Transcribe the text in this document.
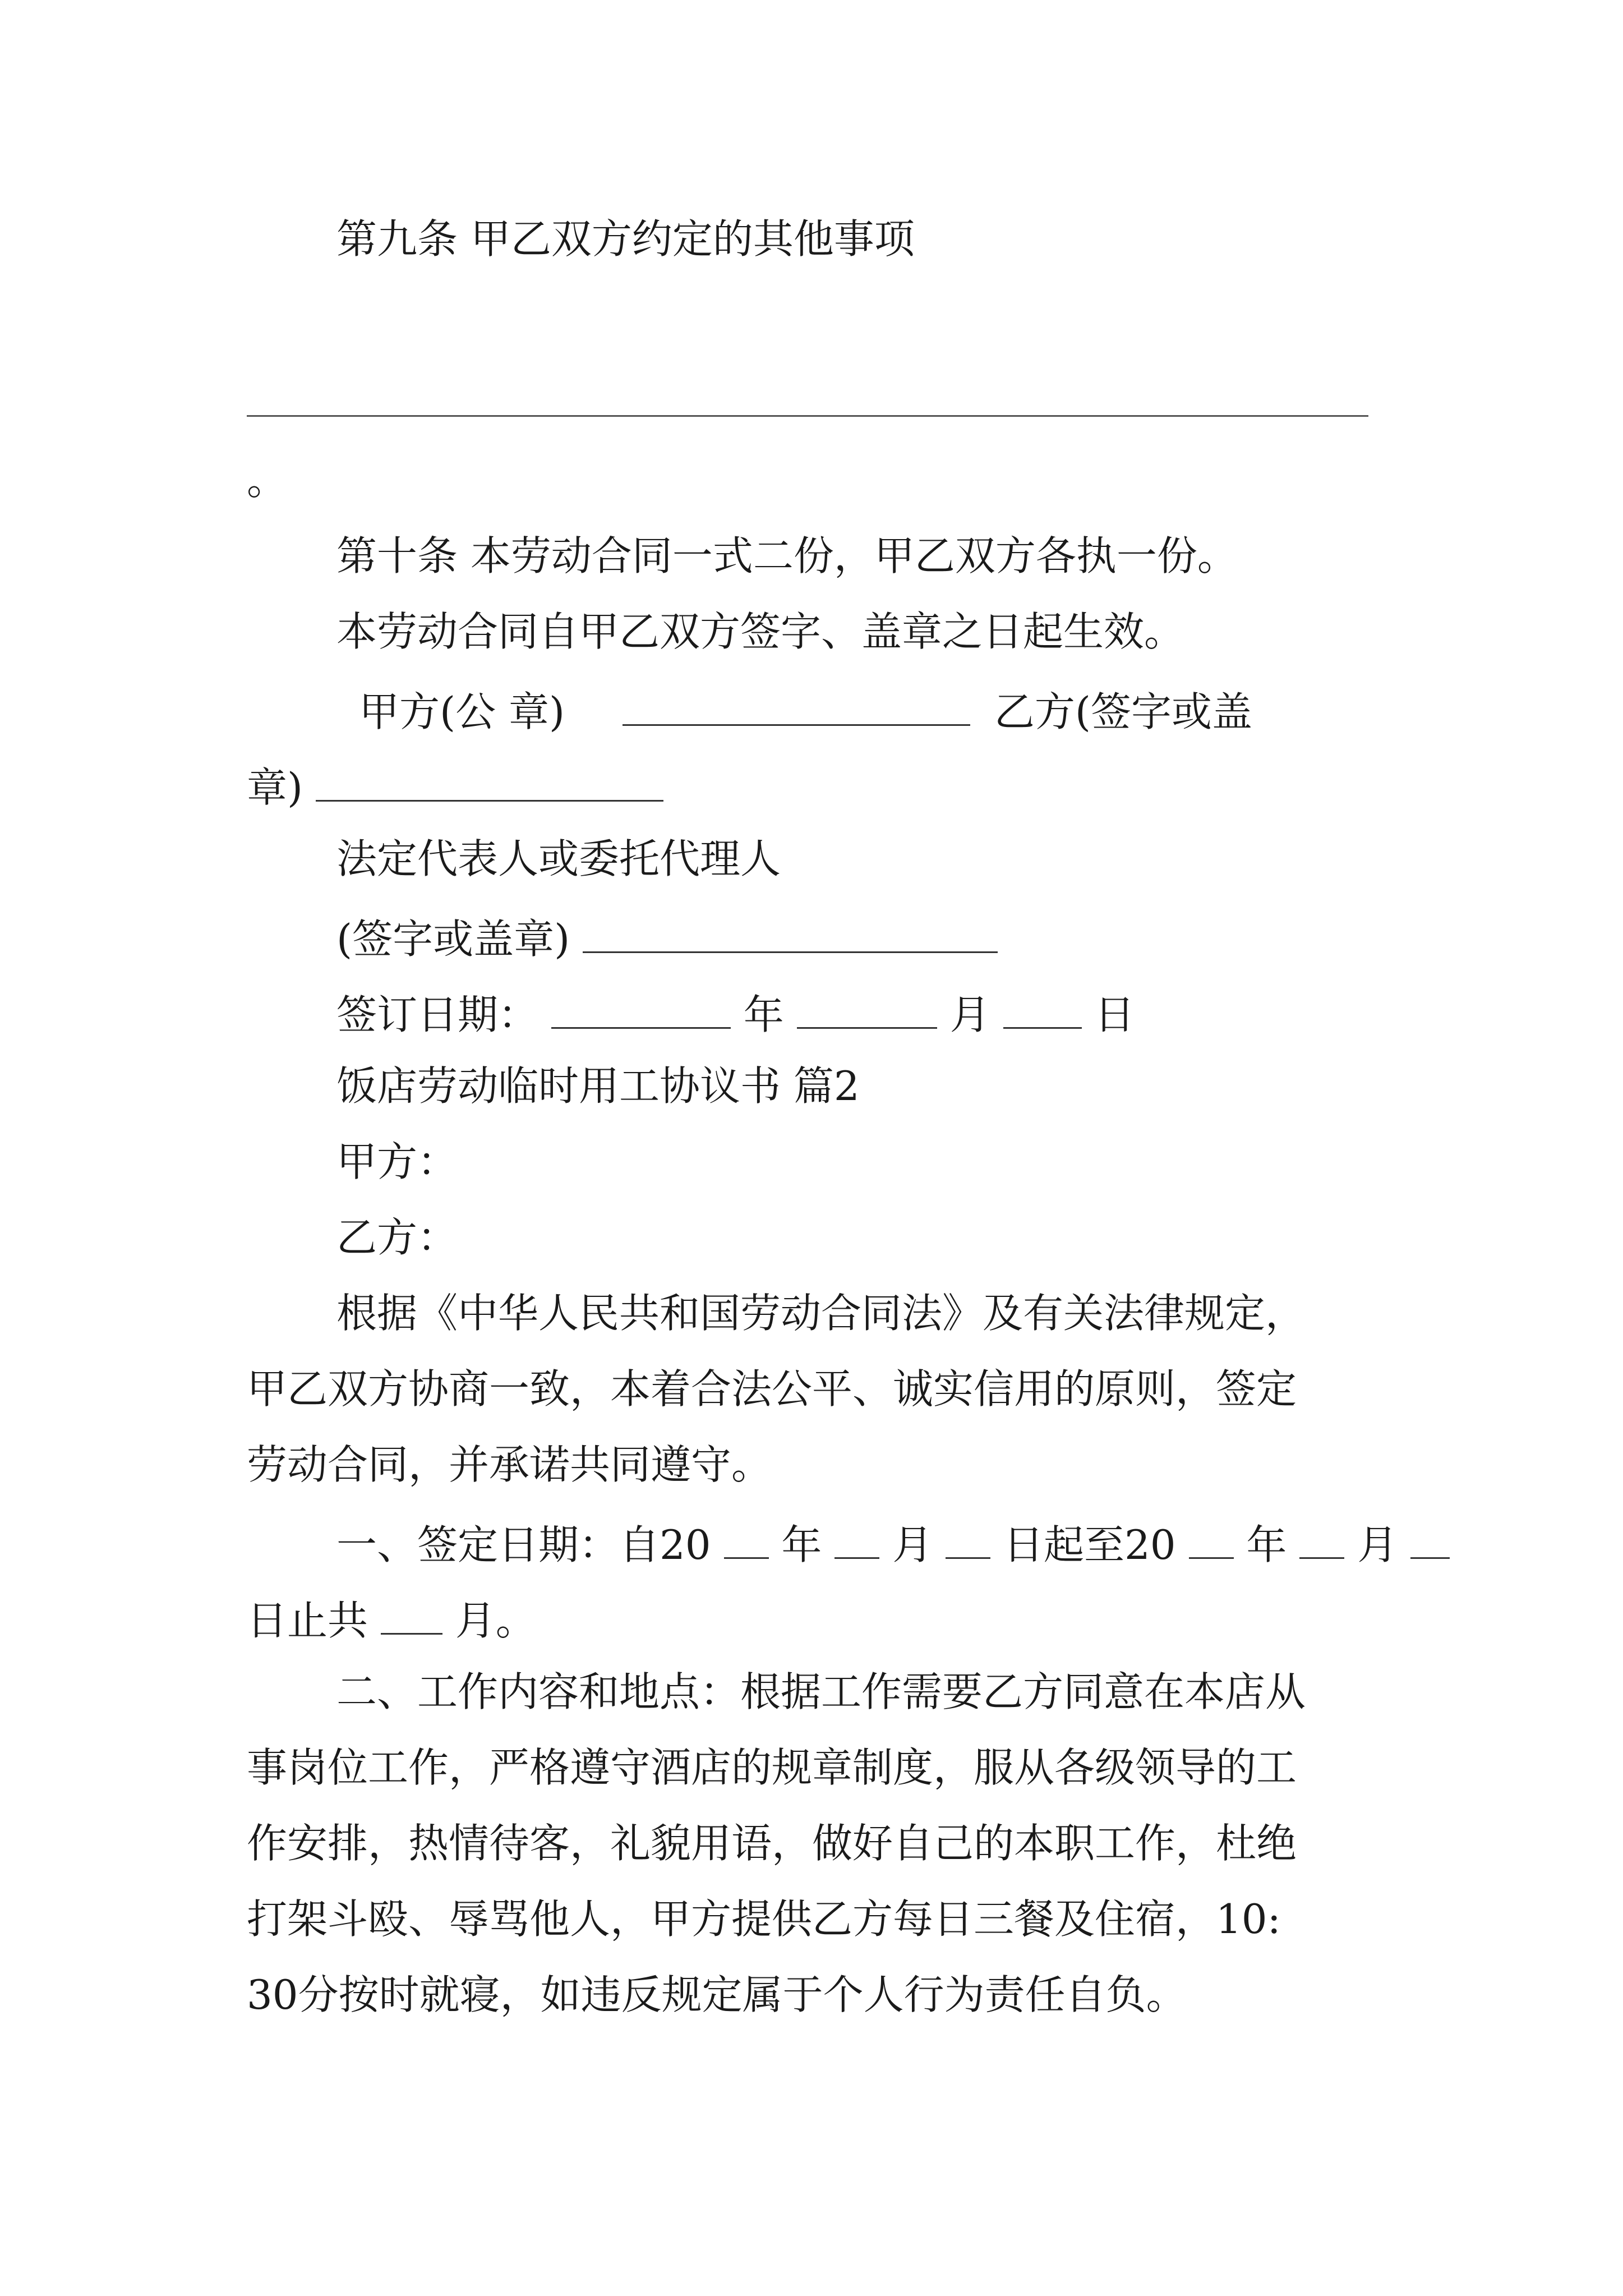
第九条 甲乙双方约定的其他事项
。
第十条 本劳动合同一式二份，甲乙双方各执一份。
本劳动合同自甲乙双方签字、盖章之日起生效。
甲方(公 章)	乙方(签字或盖
章)
法定代表人或委托代理人
(签字或盖章)
签订日期：	年	月	日
饭店劳动临时用工协议书 篇2
甲方：
乙方：
根据《中华人民共和国劳动合同法》及有关法律规定，
甲乙双方协商一致，本着合法公平、诚实信用的原则，签定
劳动合同，并承诺共同遵守。
一、签定日期：自20 年 月 日起至20 年 月
日止共 月。
二、工作内容和地点：根据工作需要乙方同意在本店从
事岗位工作，严格遵守酒店的规章制度，服从各级领导的工
作安排，热情待客，礼貌用语，做好自己的本职工作，杜绝
打架斗殴、辱骂他人，甲方提供乙方每日三餐及住宿，10:
30分按时就寝，如违反规定属于个人行为责任自负。
